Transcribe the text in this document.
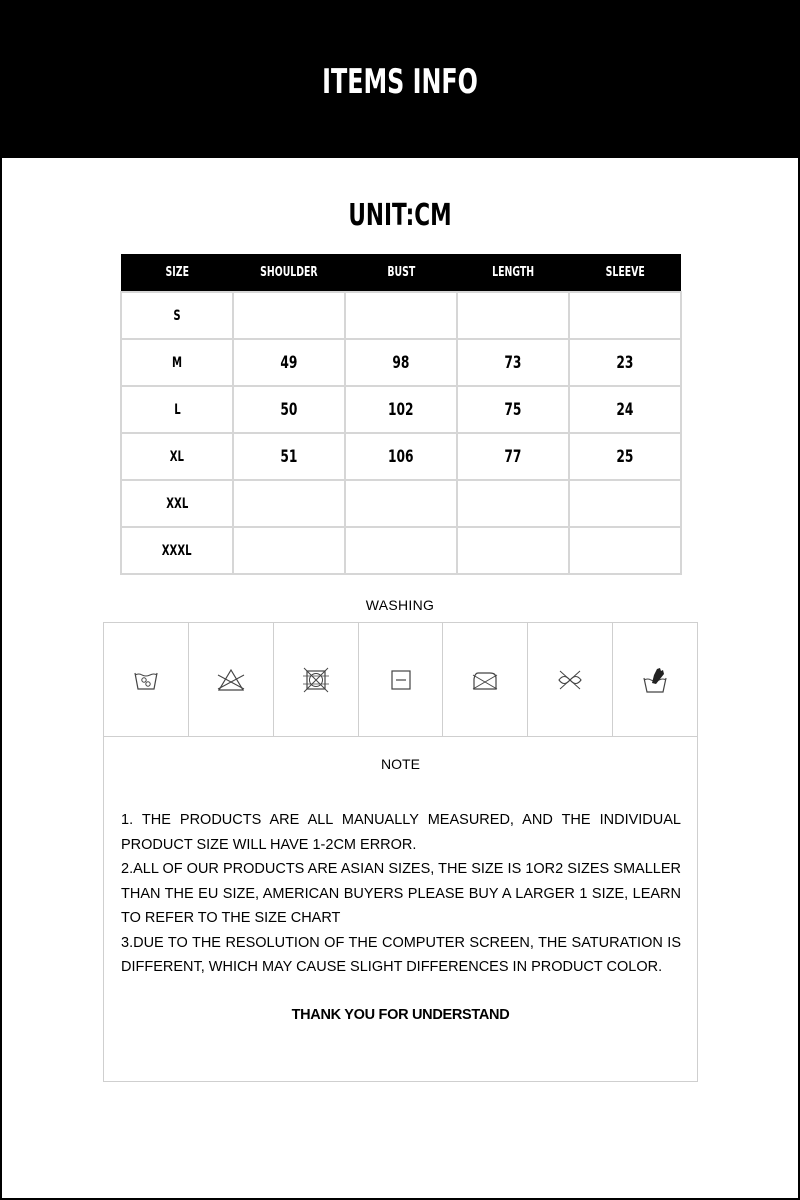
ITEMS INFO
UNIT:CM
SIZE	SHOULDER	BUST	LENGTH	SLEEVE
S				
M	49	98	73	23
L	50	102	75	24
XL	51	106	77	25
XXL				
XXXL				
WASHING
NOTE

1. THE PRODUCTS ARE ALL MANUALLY MEASURED, AND THE INDIVIDUAL PRODUCT SIZE WILL HAVE 1-2CM ERROR.

2.ALL OF OUR PRODUCTS ARE ASIAN SIZES, THE SIZE IS 1OR2 SIZES SMALLER THAN THE EU SIZE, AMERICAN BUYERS PLEASE BUY A LARGER 1 SIZE, LEARN TO REFER TO THE SIZE CHART

3.DUE TO THE RESOLUTION OF THE COMPUTER SCREEN, THE SATURATION IS DIFFERENT, WHICH MAY CAUSE SLIGHT DIFFERENCES IN PRODUCT COLOR.

THANK YOU FOR UNDERSTAND
